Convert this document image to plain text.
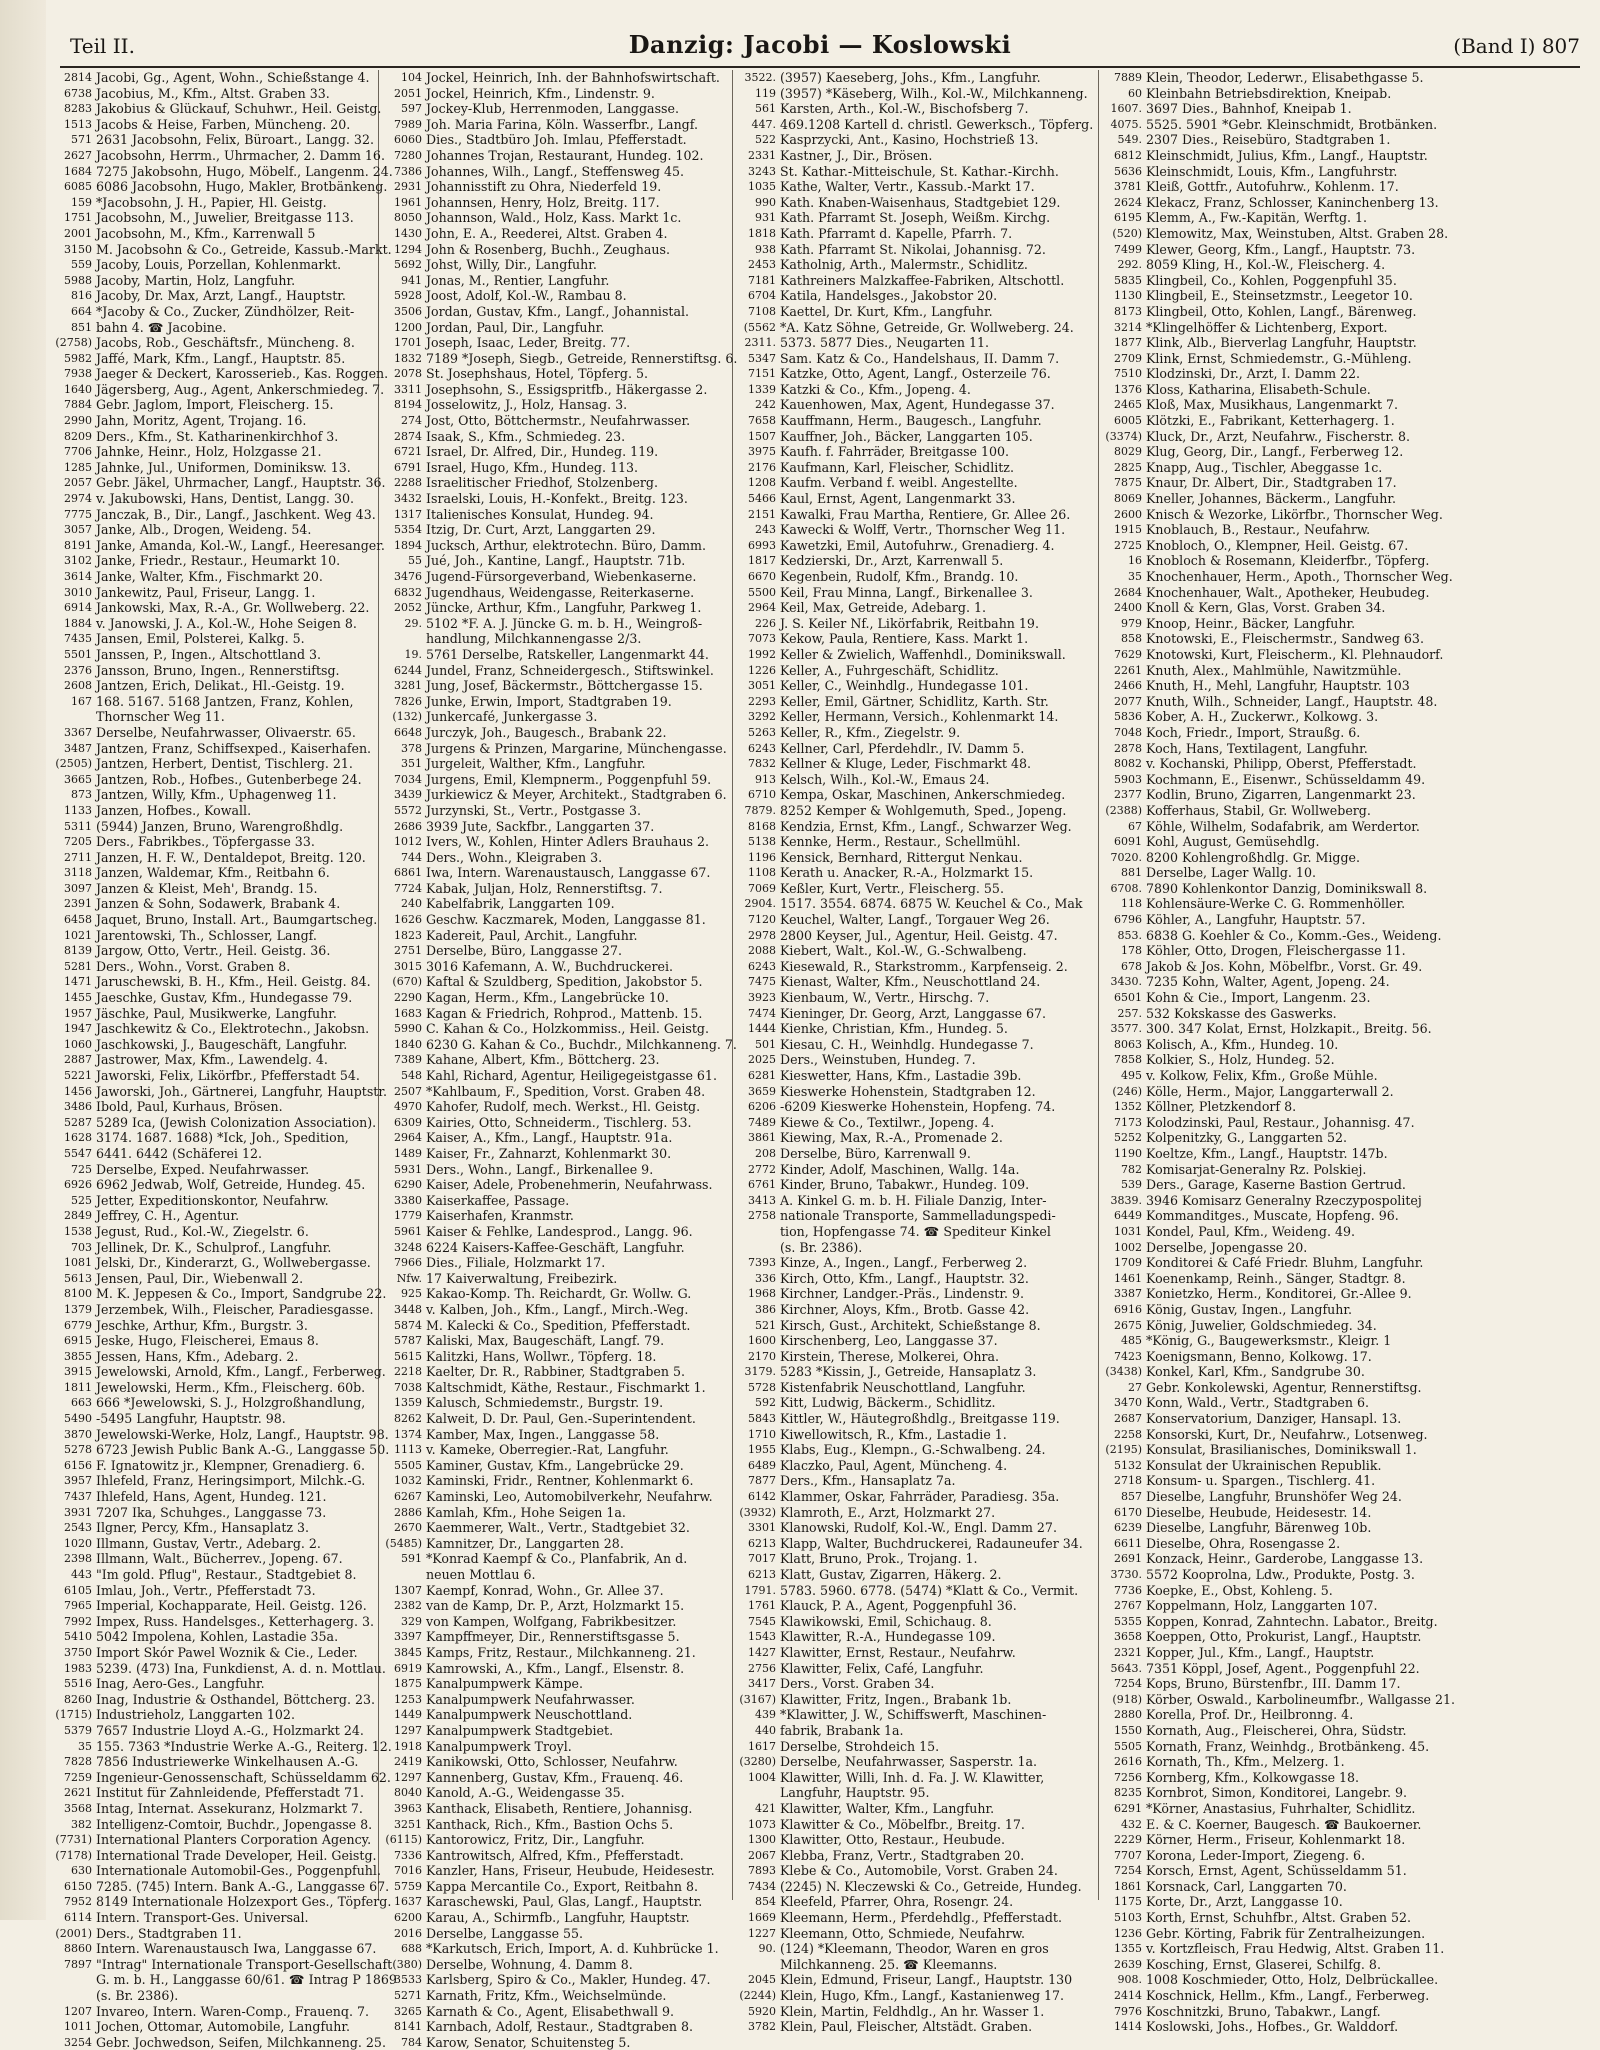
Teil II.	Danzig: Jacobi — Koslowski	(Band I) 807
2814 Jacobi, Gg., Agent, Wohn., Schießstange 4.
6738 Jacobius, M., Kfm., Altst. Graben 33.
8283 Jakobius & Glückauf, Schuhwr., Heil. Geistg.
1513 Jacobs & Heise, Farben, Müncheng. 20.
571 2631 Jacobsohn, Felix, Büroart., Langg. 32.
2627 Jacobsohn, Herrm., Uhrmacher, 2. Damm 16.
1684 7275 Jakobsohn, Hugo, Möbelf., Langenm. 24.
6085 6086 Jacobsohn, Hugo, Makler, Brotbänkeng.
159 *Jacobsohn, J. H., Papier, Hl. Geistg.
1751 Jacobsohn, M., Juwelier, Breitgasse 113.
2001 Jacobsohn, M., Kfm., Karrenwall 5
3150 M. Jacobsohn & Co., Getreide, Kassub.-Markt.
559 Jacoby, Louis, Porzellan, Kohlenmarkt.
5988 Jacoby, Martin, Holz, Langfuhr.
816 Jacoby, Dr. Max, Arzt, Langf., Hauptstr.
664 *Jacoby & Co., Zucker, Zündhölzer, Reit-
851 bahn 4. ☎ Jacobine.
(2758) Jacobs, Rob., Geschäftsfr., Müncheng. 8.
5982 Jaffé, Mark, Kfm., Langf., Hauptstr. 85.
7938 Jaeger & Deckert, Karosserieb., Kas. Roggen.
1640 Jägersberg, Aug., Agent, Ankerschmiedeg. 7.
7884 Gebr. Jaglom, Import, Fleischerg. 15.
2990 Jahn, Moritz, Agent, Trojang. 16.
8209 Ders., Kfm., St. Katharinenkirchhof 3.
7706 Jahnke, Heinr., Holz, Holzgasse 21.
1285 Jahnke, Jul., Uniformen, Dominiksw. 13.
2057 Gebr. Jäkel, Uhrmacher, Langf., Hauptstr. 36.
2974 v. Jakubowski, Hans, Dentist, Langg. 30.
7775 Janczak, B., Dir., Langf., Jaschkent. Weg 43.
3057 Janke, Alb., Drogen, Weideng. 54.
8191 Janke, Amanda, Kol.-W., Langf., Heeresanger.
3102 Janke, Friedr., Restaur., Heumarkt 10.
3614 Janke, Walter, Kfm., Fischmarkt 20.
3010 Jankewitz, Paul, Friseur, Langg. 1.
6914 Jankowski, Max, R.-A., Gr. Wollweberg. 22.
1884 v. Janowski, J. A., Kol.-W., Hohe Seigen 8.
7435 Jansen, Emil, Polsterei, Kalkg. 5.
5501 Janssen, P., Ingen., Altschottland 3.
2376 Jansson, Bruno, Ingen., Rennerstiftsg.
2608 Jantzen, Erich, Delikat., Hl.-Geistg. 19.
167 168. 5167. 5168 Jantzen, Franz, Kohlen,
Thornscher Weg 11.
3367 Derselbe, Neufahrwasser, Olivaerstr. 65.
3487 Jantzen, Franz, Schiffsexped., Kaiserhafen.
(2505) Jantzen, Herbert, Dentist, Tischlerg. 21.
3665 Jantzen, Rob., Hofbes., Gutenberbege 24.
873 Jantzen, Willy, Kfm., Uphagenweg 11.
1133 Janzen, Hofbes., Kowall.
5311 (5944) Janzen, Bruno, Warengroßhdlg.
7205 Ders., Fabrikbes., Töpfergasse 33.
2711 Janzen, H. F. W., Dentaldepot, Breitg. 120.
3118 Janzen, Waldemar, Kfm., Reitbahn 6.
3097 Janzen & Kleist, Meh', Brandg. 15.
2391 Janzen & Sohn, Sodawerk, Brabank 4.
6458 Jaquet, Bruno, Install. Art., Baumgartscheg.
1021 Jarentowski, Th., Schlosser, Langf.
8139 Jargow, Otto, Vertr., Heil. Geistg. 36.
5281 Ders., Wohn., Vorst. Graben 8.
1471 Jaruschewski, B. H., Kfm., Heil. Geistg. 84.
1455 Jaeschke, Gustav, Kfm., Hundegasse 79.
1957 Jäschke, Paul, Musikwerke, Langfuhr.
1947 Jaschkewitz & Co., Elektrotechn., Jakobsn.
1060 Jaschkowski, J., Baugeschäft, Langfuhr.
2887 Jastrower, Max, Kfm., Lawendelg. 4.
5221 Jaworski, Felix, Likörfbr., Pfefferstadt 54.
1456 Jaworski, Joh., Gärtnerei, Langfuhr, Hauptstr.
3486 Ibold, Paul, Kurhaus, Brösen.
5287 5289 Ica, (Jewish Colonization Association).
1628 3174. 1687. 1688) *Ick, Joh., Spedition,
5547 6441. 6442 (Schäferei 12.
725 Derselbe, Exped. Neufahrwasser.
6926 6962 Jedwab, Wolf, Getreide, Hundeg. 45.
525 Jetter, Expeditionskontor, Neufahrw.
2849 Jeffrey, C. H., Agentur.
1538 Jegust, Rud., Kol.-W., Ziegelstr. 6.
703 Jellinek, Dr. K., Schulprof., Langfuhr.
1081 Jelski, Dr., Kinderarzt, G., Wollwebergasse.
5613 Jensen, Paul, Dir., Wiebenwall 2.
8100 M. K. Jeppesen & Co., Import, Sandgrube 22.
1379 Jerzembek, Wilh., Fleischer, Paradiesgasse.
6779 Jeschke, Arthur, Kfm., Burgstr. 3.
6915 Jeske, Hugo, Fleischerei, Emaus 8.
3855 Jessen, Hans, Kfm., Adebarg. 2.
3915 Jewelowski, Arnold, Kfm., Langf., Ferberweg.
1811 Jewelowski, Herm., Kfm., Fleischerg. 60b.
663 666 *Jewelowski, S. J., Holzgroßhandlung,
5490 -5495 Langfuhr, Hauptstr. 98.
3870 Jewelowski-Werke, Holz, Langf., Hauptstr. 98.
5278 6723 Jewish Public Bank A.-G., Langgasse 50.
6156 F. Ignatowitz jr., Klempner, Grenadierg. 6.
3957 Ihlefeld, Franz, Heringsimport, Milchk.-G.
7437 Ihlefeld, Hans, Agent, Hundeg. 121.
3931 7207 Ika, Schuhges., Langgasse 73.
2543 Ilgner, Percy, Kfm., Hansaplatz 3.
1020 Illmann, Gustav, Vertr., Adebarg. 2.
2398 Illmann, Walt., Bücherrev., Jopeng. 67.
443 "Im gold. Pflug", Restaur., Stadtgebiet 8.
6105 Imlau, Joh., Vertr., Pfefferstadt 73.
7965 Imperial, Kochapparate, Heil. Geistg. 126.
7992 Impex, Russ. Handelsges., Ketterhagerg. 3.
5410 5042 Impolena, Kohlen, Lastadie 35a.
3750 Import Skór Pawel Woznik & Cie., Leder.
1983 5239. (473) Ina, Funkdienst, A. d. n. Mottlau.
5516 Inag, Aero-Ges., Langfuhr.
8260 Inag, Industrie & Osthandel, Böttcherg. 23.
(1715) Industrieholz, Langgarten 102.
5379 7657 Industrie Lloyd A.-G., Holzmarkt 24.
35 155. 7363 *Industrie Werke A.-G., Reiterg. 12.
7828 7856 Industriewerke Winkelhausen A.-G.
7259 Ingenieur-Genossenschaft, Schüsseldamm 62.
2621 Institut für Zahnleidende, Pfefferstadt 71.
3568 Intag, Internat. Assekuranz, Holzmarkt 7.
382 Intelligenz-Comtoir, Buchdr., Jopengasse 8.
(7731) International Planters Corporation Agency.
(7178) International Trade Developer, Heil. Geistg.
630 Internationale Automobil-Ges., Poggenpfuhl.
6150 7285. (745) Intern. Bank A.-G., Langgasse 67.
7952 8149 Internationale Holzexport Ges., Töpferg.
6114 Intern. Transport-Ges. Universal.
(2001) Ders., Stadtgraben 11.
8860 Intern. Warenaustausch Iwa, Langgasse 67.
7897 "Intrag" Internationale Transport-Gesellschaft
G. m. b. H., Langgasse 60/61. ☎ Intrag P 1869
(s. Br. 2386).
1207 Invareo, Intern. Waren-Comp., Frauenq. 7.
1011 Jochen, Ottomar, Automobile, Langfuhr.
3254 Gebr. Jochwedson, Seifen, Milchkanneng. 25.
104 Jockel, Heinrich, Inh. der Bahnhofswirtschaft.
2051 Jockel, Heinrich, Kfm., Lindenstr. 9.
597 Jockey-Klub, Herrenmoden, Langgasse.
7989 Joh. Maria Farina, Köln. Wasserfbr., Langf.
6060 Dies., Stadtbüro Joh. Imlau, Pfefferstadt.
7280 Johannes Trojan, Restaurant, Hundeg. 102.
7386 Johannes, Wilh., Langf., Steffensweg 45.
2931 Johannisstift zu Ohra, Niederfeld 19.
1961 Johannsen, Henry, Holz, Breitg. 117.
8050 Johannson, Wald., Holz, Kass. Markt 1c.
1430 John, E. A., Reederei, Altst. Graben 4.
1294 John & Rosenberg, Buchh., Zeughaus.
5692 Johst, Willy, Dir., Langfuhr.
941 Jonas, M., Rentier, Langfuhr.
5928 Joost, Adolf, Kol.-W., Rambau 8.
3506 Jordan, Gustav, Kfm., Langf., Johannistal.
1200 Jordan, Paul, Dir., Langfuhr.
1701 Joseph, Isaac, Leder, Breitg. 77.
1832 7189 *Joseph, Siegb., Getreide, Rennerstiftsg. 6.
2078 St. Josephshaus, Hotel, Töpferg. 5.
3311 Josephsohn, S., Essigspritfb., Häkergasse 2.
8194 Josselowitz, J., Holz, Hansag. 3.
274 Jost, Otto, Böttchermstr., Neufahrwasser.
2874 Isaak, S., Kfm., Schmiedeg. 23.
6721 Israel, Dr. Alfred, Dir., Hundeg. 119.
6791 Israel, Hugo, Kfm., Hundeg. 113.
2288 Israelitischer Friedhof, Stolzenberg.
3432 Israelski, Louis, H.-Konfekt., Breitg. 123.
1317 Italienisches Konsulat, Hundeg. 94.
5354 Itzig, Dr. Curt, Arzt, Langgarten 29.
1894 Jucksch, Arthur, elektrotechn. Büro, Damm.
55 Jué, Joh., Kantine, Langf., Hauptstr. 71b.
3476 Jugend-Fürsorgeverband, Wiebenkaserne.
6832 Jugendhaus, Weidengasse, Reiterkaserne.
2052 Jüncke, Arthur, Kfm., Langfuhr, Parkweg 1.
29. 5102 *F. A. J. Jüncke G. m. b. H., Weingroß-
handlung, Milchkannengasse 2/3.
19. 5761 Derselbe, Ratskeller, Langenmarkt 44.
6244 Jundel, Franz, Schneidergesch., Stiftswinkel.
3281 Jung, Josef, Bäckermstr., Böttchergasse 15.
7826 Junke, Erwin, Import, Stadtgraben 19.
(132) Junkercafé, Junkergasse 3.
6648 Jurczyk, Joh., Baugesch., Brabank 22.
378 Jurgens & Prinzen, Margarine, Münchengasse.
351 Jurgeleit, Walther, Kfm., Langfuhr.
7034 Jurgens, Emil, Klempnerm., Poggenpfuhl 59.
3439 Jurkiewicz & Meyer, Architekt., Stadtgraben 6.
5572 Jurzynski, St., Vertr., Postgasse 3.
2686 3939 Jute, Sackfbr., Langgarten 37.
1012 Ivers, W., Kohlen, Hinter Adlers Brauhaus 2.
744 Ders., Wohn., Kleigraben 3.
6861 Iwa, Intern. Warenaustausch, Langgasse 67.
7724 Kabak, Juljan, Holz, Rennerstiftsg. 7.
240 Kabelfabrik, Langgarten 109.
1626 Geschw. Kaczmarek, Moden, Langgasse 81.
1823 Kadereit, Paul, Archit., Langfuhr.
2751 Derselbe, Büro, Langgasse 27.
3015 3016 Kafemann, A. W., Buchdruckerei.
(670) Kaftal & Szuldberg, Spedition, Jakobstor 5.
2290 Kagan, Herm., Kfm., Langebrücke 10.
1683 Kagan & Friedrich, Rohprod., Mattenb. 15.
5990 C. Kahan & Co., Holzkommiss., Heil. Geistg.
1840 6230 G. Kahan & Co., Buchdr., Milchkanneng. 7.
7389 Kahane, Albert, Kfm., Böttcherg. 23.
548 Kahl, Richard, Agentur, Heiligegeistgasse 61.
2507 *Kahlbaum, F., Spedition, Vorst. Graben 48.
4970 Kahofer, Rudolf, mech. Werkst., Hl. Geistg.
6309 Kairies, Otto, Schneiderm., Tischlerg. 53.
2964 Kaiser, A., Kfm., Langf., Hauptstr. 91a.
1489 Kaiser, Fr., Zahnarzt, Kohlenmarkt 30.
5931 Ders., Wohn., Langf., Birkenallee 9.
6290 Kaiser, Adele, Probenehmerin, Neufahrwass.
3380 Kaiserkaffee, Passage.
1779 Kaiserhafen, Kranmstr.
5961 Kaiser & Fehlke, Landesprod., Langg. 96.
3248 6224 Kaisers-Kaffee-Geschäft, Langfuhr.
7966 Dies., Filiale, Holzmarkt 17.
Nfw. 17 Kaiverwaltung, Freibezirk.
925 Kakao-Komp. Th. Reichardt, Gr. Wollw. G.
3448 v. Kalben, Joh., Kfm., Langf., Mirch.-Weg.
5874 M. Kalecki & Co., Spedition, Pfefferstadt.
5787 Kaliski, Max, Baugeschäft, Langf. 79.
5615 Kalitzki, Hans, Wollwr., Töpferg. 18.
2218 Kaelter, Dr. R., Rabbiner, Stadtgraben 5.
7038 Kaltschmidt, Käthe, Restaur., Fischmarkt 1.
1359 Kalusch, Schmiedemstr., Burgstr. 19.
8262 Kalweit, D. Dr. Paul, Gen.-Superintendent.
1374 Kamber, Max, Ingen., Langgasse 58.
1113 v. Kameke, Oberregier.-Rat, Langfuhr.
5505 Kaminer, Gustav, Kfm., Langebrücke 29.
1032 Kaminski, Fridr., Rentner, Kohlenmarkt 6.
6267 Kaminski, Leo, Automobilverkehr, Neufahrw.
2886 Kamlah, Kfm., Hohe Seigen 1a.
2670 Kaemmerer, Walt., Vertr., Stadtgebiet 32.
(5485) Kamnitzer, Dr., Langgarten 28.
591 *Konrad Kaempf & Co., Planfabrik, An d.
neuen Mottlau 6.
1307 Kaempf, Konrad, Wohn., Gr. Allee 37.
2382 van de Kamp, Dr. P., Arzt, Holzmarkt 15.
329 von Kampen, Wolfgang, Fabrikbesitzer.
3397 Kampffmeyer, Dir., Rennerstiftsgasse 5.
3845 Kamps, Fritz, Restaur., Milchkanneng. 21.
6919 Kamrowski, A., Kfm., Langf., Elsenstr. 8.
1875 Kanalpumpwerk Kämpe.
1253 Kanalpumpwerk Neufahrwasser.
1449 Kanalpumpwerk Neuschottland.
1297 Kanalpumpwerk Stadtgebiet.
1918 Kanalpumpwerk Troyl.
2419 Kanikowski, Otto, Schlosser, Neufahrw.
1297 Kannenberg, Gustav, Kfm., Frauenq. 46.
8040 Kanold, A.-G., Weidengasse 35.
3963 Kanthack, Elisabeth, Rentiere, Johannisg.
3251 Kanthack, Rich., Kfm., Bastion Ochs 5.
(6115) Kantorowicz, Fritz, Dir., Langfuhr.
7336 Kantrowitsch, Alfred, Kfm., Pfefferstadt.
7016 Kanzler, Hans, Friseur, Heubude, Heidesestr.
5759 Kappa Mercantile Co., Export, Reitbahn 8.
1637 Karaschewski, Paul, Glas, Langf., Hauptstr.
6200 Karau, A., Schirmfb., Langfuhr, Hauptstr.
2016 Derselbe, Langgasse 55.
688 *Karkutsch, Erich, Import, A. d. Kuhbrücke 1.
(380) Derselbe, Wohnung, 4. Damm 8.
3533 Karlsberg, Spiro & Co., Makler, Hundeg. 47.
5271 Karnath, Fritz, Kfm., Weichselmünde.
3265 Karnath & Co., Agent, Elisabethwall 9.
8141 Karnbach, Adolf, Restaur., Stadtgraben 8.
784 Karow, Senator, Schuitensteg 5.
3522. (3957) Kaeseberg, Johs., Kfm., Langfuhr.
119 (3957) *Käseberg, Wilh., Kol.-W., Milchkanneng.
561 Karsten, Arth., Kol.-W., Bischofsberg 7.
447. 469.1208 Kartell d. christl. Gewerksch., Töpferg.
522 Kasprzycki, Ant., Kasino, Hochstrieß 13.
2331 Kastner, J., Dir., Brösen.
3243 St. Kathar.-Mitteischule, St. Kathar.-Kirchh.
1035 Kathe, Walter, Vertr., Kassub.-Markt 17.
990 Kath. Knaben-Waisenhaus, Stadtgebiet 129.
931 Kath. Pfarramt St. Joseph, Weißm. Kirchg.
1818 Kath. Pfarramt d. Kapelle, Pfarrh. 7.
938 Kath. Pfarramt St. Nikolai, Johannisg. 72.
2453 Katholnig, Arth., Malermstr., Schidlitz.
7181 Kathreiners Malzkaffee-Fabriken, Altschottl.
6704 Katila, Handelsges., Jakobstor 20.
7108 Kaettel, Dr. Kurt, Kfm., Langfuhr.
(5562 *A. Katz Söhne, Getreide, Gr. Wollweberg. 24.
2311. 5373. 5877 Dies., Neugarten 11.
5347 Sam. Katz & Co., Handelshaus, II. Damm 7.
7151 Katzke, Otto, Agent, Langf., Osterzeile 76.
1339 Katzki & Co., Kfm., Jopeng. 4.
242 Kauenhowen, Max, Agent, Hundegasse 37.
7658 Kauffmann, Herm., Baugesch., Langfuhr.
1507 Kauffner, Joh., Bäcker, Langgarten 105.
3975 Kaufh. f. Fahrräder, Breitgasse 100.
2176 Kaufmann, Karl, Fleischer, Schidlitz.
1208 Kaufm. Verband f. weibl. Angestellte.
5466 Kaul, Ernst, Agent, Langenmarkt 33.
2151 Kawalki, Frau Martha, Rentiere, Gr. Allee 26.
243 Kawecki & Wolff, Vertr., Thornscher Weg 11.
6993 Kawetzki, Emil, Autofuhrw., Grenadierg. 4.
1817 Kedzierski, Dr., Arzt, Karrenwall 5.
6670 Kegenbein, Rudolf, Kfm., Brandg. 10.
5500 Keil, Frau Minna, Langf., Birkenallee 3.
2964 Keil, Max, Getreide, Adebarg. 1.
226 J. S. Keiler Nf., Likörfabrik, Reitbahn 19.
7073 Kekow, Paula, Rentiere, Kass. Markt 1.
1992 Keller & Zwielich, Waffenhdl., Dominikswall.
1226 Keller, A., Fuhrgeschäft, Schidlitz.
3051 Keller, C., Weinhdlg., Hundegasse 101.
2293 Keller, Emil, Gärtner, Schidlitz, Karth. Str.
3292 Keller, Hermann, Versich., Kohlenmarkt 14.
5263 Keller, R., Kfm., Ziegelstr. 9.
6243 Kellner, Carl, Pferdehdlr., IV. Damm 5.
7832 Kellner & Kluge, Leder, Fischmarkt 48.
913 Kelsch, Wilh., Kol.-W., Emaus 24.
6710 Kempa, Oskar, Maschinen, Ankerschmiedeg.
7879. 8252 Kemper & Wohlgemuth, Sped., Jopeng.
8168 Kendzia, Ernst, Kfm., Langf., Schwarzer Weg.
5138 Kennke, Herm., Restaur., Schellmühl.
1196 Kensick, Bernhard, Rittergut Nenkau.
1108 Kerath u. Anacker, R.-A., Holzmarkt 15.
7069 Keßler, Kurt, Vertr., Fleischerg. 55.
2904. 1517. 3554. 6874. 6875 W. Keuchel & Co., Mak
7120 Keuchel, Walter, Langf., Torgauer Weg 26.
2978 2800 Keyser, Jul., Agentur, Heil. Geistg. 47.
2088 Kiebert, Walt., Kol.-W., G.-Schwalbeng.
6243 Kiesewald, R., Starkstromm., Karpfenseig. 2.
7475 Kienast, Walter, Kfm., Neuschottland 24.
3923 Kienbaum, W., Vertr., Hirschg. 7.
7474 Kieninger, Dr. Georg, Arzt, Langgasse 67.
1444 Kienke, Christian, Kfm., Hundeg. 5.
501 Kiesau, C. H., Weinhdlg. Hundegasse 7.
2025 Ders., Weinstuben, Hundeg. 7.
6281 Kieswetter, Hans, Kfm., Lastadie 39b.
3659 Kieswerke Hohenstein, Stadtgraben 12.
6206 -6209 Kieswerke Hohenstein, Hopfeng. 74.
7489 Kiewe & Co., Textilwr., Jopeng. 4.
3861 Kiewing, Max, R.-A., Promenade 2.
208 Derselbe, Büro, Karrenwall 9.
2772 Kinder, Adolf, Maschinen, Wallg. 14a.
6761 Kinder, Bruno, Tabakwr., Hundeg. 109.
3413 A. Kinkel G. m. b. H. Filiale Danzig, Inter-
2758 nationale Transporte, Sammelladungspedi-
tion, Hopfengasse 74. ☎ Spediteur Kinkel
(s. Br. 2386).
7393 Kinze, A., Ingen., Langf., Ferberweg 2.
336 Kirch, Otto, Kfm., Langf., Hauptstr. 32.
1968 Kirchner, Landger.-Präs., Lindenstr. 9.
386 Kirchner, Aloys, Kfm., Brotb. Gasse 42.
521 Kirsch, Gust., Architekt, Schießstange 8.
1600 Kirschenberg, Leo, Langgasse 37.
2170 Kirstein, Therese, Molkerei, Ohra.
3179. 5283 *Kissin, J., Getreide, Hansaplatz 3.
5728 Kistenfabrik Neuschottland, Langfuhr.
592 Kitt, Ludwig, Bäckerm., Schidlitz.
5843 Kittler, W., Häutegroßhdlg., Breitgasse 119.
1710 Kiwellowitsch, R., Kfm., Lastadie 1.
1955 Klabs, Eug., Klempn., G.-Schwalbeng. 24.
6489 Klaczko, Paul, Agent, Müncheng. 4.
7877 Ders., Kfm., Hansaplatz 7a.
6142 Klammer, Oskar, Fahrräder, Paradiesg. 35a.
(3932) Klamroth, E., Arzt, Holzmarkt 27.
3301 Klanowski, Rudolf, Kol.-W., Engl. Damm 27.
6213 Klapp, Walter, Buchdruckerei, Radauneufer 34.
7017 Klatt, Bruno, Prok., Trojang. 1.
6213 Klatt, Gustav, Zigarren, Häkerg. 2.
1791. 5783. 5960. 6778. (5474) *Klatt & Co., Vermit.
1761 Klauck, P. A., Agent, Poggenpfuhl 36.
7545 Klawikowski, Emil, Schichaug. 8.
1543 Klawitter, R.-A., Hundegasse 109.
1427 Klawitter, Ernst, Restaur., Neufahrw.
2756 Klawitter, Felix, Café, Langfuhr.
3417 Ders., Vorst. Graben 34.
(3167) Klawitter, Fritz, Ingen., Brabank 1b.
439 *Klawitter, J. W., Schiffswerft, Maschinen-
440 fabrik, Brabank 1a.
1617 Derselbe, Strohdeich 15.
(3280) Derselbe, Neufahrwasser, Sasperstr. 1a.
1004 Klawitter, Willi, Inh. d. Fa. J. W. Klawitter,
Langfuhr, Hauptstr. 95.
421 Klawitter, Walter, Kfm., Langfuhr.
1073 Klawitter & Co., Möbelfbr., Breitg. 17.
1300 Klawitter, Otto, Restaur., Heubude.
2067 Klebba, Franz, Vertr., Stadtgraben 20.
7893 Klebe & Co., Automobile, Vorst. Graben 24.
7434 (2245) N. Kleczewski & Co., Getreide, Hundeg.
854 Kleefeld, Pfarrer, Ohra, Rosengr. 24.
1669 Kleemann, Herm., Pferdehdlg., Pfefferstadt.
1227 Kleemann, Otto, Schmiede, Neufahrw.
90. (124) *Kleemann, Theodor, Waren en gros
Milchkanneng. 25. ☎ Kleemanns.
2045 Klein, Edmund, Friseur, Langf., Hauptstr. 130
(2244) Klein, Hugo, Kfm., Langf., Kastanienweg 17.
5920 Klein, Martin, Feldhdlg., An hr. Wasser 1.
3782 Klein, Paul, Fleischer, Altstädt. Graben.
7889 Klein, Theodor, Lederwr., Elisabethgasse 5.
60 Kleinbahn Betriebsdirektion, Kneipab.
1607. 3697 Dies., Bahnhof, Kneipab 1.
4075. 5525. 5901 *Gebr. Kleinschmidt, Brotbänken.
549. 2307 Dies., Reisebüro, Stadtgraben 1.
6812 Kleinschmidt, Julius, Kfm., Langf., Hauptstr.
5636 Kleinschmidt, Louis, Kfm., Langfuhrstr.
3781 Kleiß, Gottfr., Autofuhrw., Kohlenm. 17.
2624 Klekacz, Franz, Schlosser, Kaninchenberg 13.
6195 Klemm, A., Fw.-Kapitän, Werftg. 1.
(520) Klemowitz, Max, Weinstuben, Altst. Graben 28.
7499 Klewer, Georg, Kfm., Langf., Hauptstr. 73.
292. 8059 Kling, H., Kol.-W., Fleischerg. 4.
5835 Klingbeil, Co., Kohlen, Poggenpfuhl 35.
1130 Klingbeil, E., Steinsetzmstr., Leegetor 10.
8173 Klingbeil, Otto, Kohlen, Langf., Bärenweg.
3214 *Klingelhöffer & Lichtenberg, Export.
1877 Klink, Alb., Bierverlag Langfuhr, Hauptstr.
2709 Klink, Ernst, Schmiedemstr., G.-Mühleng.
7510 Klodzinski, Dr., Arzt, I. Damm 22.
1376 Kloss, Katharina, Elisabeth-Schule.
2465 Kloß, Max, Musikhaus, Langenmarkt 7.
6005 Klötzki, E., Fabrikant, Ketterhagerg. 1.
(3374) Kluck, Dr., Arzt, Neufahrw., Fischerstr. 8.
8029 Klug, Georg, Dir., Langf., Ferberweg 12.
2825 Knapp, Aug., Tischler, Abeggasse 1c.
7875 Knaur, Dr. Albert, Dir., Stadtgraben 17.
8069 Kneller, Johannes, Bäckerm., Langfuhr.
2600 Knisch & Wezorke, Likörfbr., Thornscher Weg.
1915 Knoblauch, B., Restaur., Neufahrw.
2725 Knobloch, O., Klempner, Heil. Geistg. 67.
16 Knobloch & Rosemann, Kleiderfbr., Töpferg.
35 Knochenhauer, Herm., Apoth., Thornscher Weg.
2684 Knochenhauer, Walt., Apotheker, Heubudeg.
2400 Knoll & Kern, Glas, Vorst. Graben 34.
979 Knoop, Heinr., Bäcker, Langfuhr.
858 Knotowski, E., Fleischermstr., Sandweg 63.
7629 Knotowski, Kurt, Fleischerm., Kl. Plehnaudorf.
2261 Knuth, Alex., Mahlmühle, Nawitzmühle.
2466 Knuth, H., Mehl, Langfuhr, Hauptstr. 103
2077 Knuth, Wilh., Schneider, Langf., Hauptstr. 48.
5836 Kober, A. H., Zuckerwr., Kolkowg. 3.
7048 Koch, Friedr., Import, Straußg. 6.
2878 Koch, Hans, Textilagent, Langfuhr.
8082 v. Kochanski, Philipp, Oberst, Pfefferstadt.
5903 Kochmann, E., Eisenwr., Schüsseldamm 49.
2377 Kodlin, Bruno, Zigarren, Langenmarkt 23.
(2388) Kofferhaus, Stabil, Gr. Wollweberg.
67 Köhle, Wilhelm, Sodafabrik, am Werdertor.
6091 Kohl, August, Gemüsehdlg.
7020. 8200 Kohlengroßhdlg. Gr. Migge.
881 Derselbe, Lager Wallg. 10.
6708. 7890 Kohlenkontor Danzig, Dominikswall 8.
118 Kohlensäure-Werke C. G. Rommenhöller.
6796 Köhler, A., Langfuhr, Hauptstr. 57.
853. 6838 G. Koehler & Co., Komm.-Ges., Weideng.
178 Köhler, Otto, Drogen, Fleischergasse 11.
678 Jakob & Jos. Kohn, Möbelfbr., Vorst. Gr. 49.
3430. 7235 Kohn, Walter, Agent, Jopeng. 24.
6501 Kohn & Cie., Import, Langenm. 23.
257. 532 Kokskasse des Gaswerks.
3577. 300. 347 Kolat, Ernst, Holzkapit., Breitg. 56.
8063 Kolisch, A., Kfm., Hundeg. 10.
7858 Kolkier, S., Holz, Hundeg. 52.
495 v. Kolkow, Felix, Kfm., Große Mühle.
(246) Kölle, Herm., Major, Langgarterwall 2.
1352 Köllner, Pletzkendorf 8.
7173 Kolodzinski, Paul, Restaur., Johannisg. 47.
5252 Kolpenitzky, G., Langgarten 52.
1190 Koeltze, Kfm., Langf., Hauptstr. 147b.
782 Komisarjat-Generalny Rz. Polskiej.
539 Ders., Garage, Kaserne Bastion Gertrud.
3839. 3946 Komisarz Generalny Rzeczypospolitej
6449 Kommanditges., Muscate, Hopfeng. 96.
1031 Kondel, Paul, Kfm., Weideng. 49.
1002 Derselbe, Jopengasse 20.
1709 Konditorei & Café Friedr. Bluhm, Langfuhr.
1461 Koenenkamp, Reinh., Sänger, Stadtgr. 8.
3387 Konietzko, Herm., Konditorei, Gr.-Allee 9.
6916 König, Gustav, Ingen., Langfuhr.
2675 König, Juwelier, Goldschmiedeg. 34.
485 *König, G., Baugewerksmstr., Kleigr. 1
7423 Koenigsmann, Benno, Kolkowg. 17.
(3438) Konkel, Karl, Kfm., Sandgrube 30.
27 Gebr. Konkolewski, Agentur, Rennerstiftsg.
3470 Konn, Wald., Vertr., Stadtgraben 6.
2687 Konservatorium, Danziger, Hansapl. 13.
2258 Konsorski, Kurt, Dr., Neufahrw., Lotsenweg.
(2195) Konsulat, Brasilianisches, Dominikswall 1.
5132 Konsulat der Ukrainischen Republik.
2718 Konsum- u. Spargen., Tischlerg. 41.
857 Dieselbe, Langfuhr, Brunshöfer Weg 24.
6170 Dieselbe, Heubude, Heidesestr. 14.
6239 Dieselbe, Langfuhr, Bärenweg 10b.
6611 Dieselbe, Ohra, Rosengasse 2.
2691 Konzack, Heinr., Garderobe, Langgasse 13.
3730. 5572 Kooprolna, Ldw., Produkte, Postg. 3.
7736 Koepke, E., Obst, Kohleng. 5.
2767 Koppelmann, Holz, Langgarten 107.
5355 Koppen, Konrad, Zahntechn. Labator., Breitg.
3658 Koeppen, Otto, Prokurist, Langf., Hauptstr.
2321 Kopper, Jul., Kfm., Langf., Hauptstr.
5643. 7351 Köppl, Josef, Agent., Poggenpfuhl 22.
7254 Kops, Bruno, Bürstenfbr., III. Damm 17.
(918) Körber, Oswald., Karbolineumfbr., Wallgasse 21.
2880 Korella, Prof. Dr., Heilbronng. 4.
1550 Kornath, Aug., Fleischerei, Ohra, Südstr.
5505 Kornath, Franz, Weinhdg., Brotbänkeng. 45.
2616 Kornath, Th., Kfm., Melzerg. 1.
7256 Kornberg, Kfm., Kolkowgasse 18.
8235 Kornbrot, Simon, Konditorei, Langebr. 9.
6291 *Körner, Anastasius, Fuhrhalter, Schidlitz.
432 E. & C. Koerner, Baugesch. ☎ Baukoerner.
2229 Körner, Herm., Friseur, Kohlenmarkt 18.
7707 Korona, Leder-Import, Ziegeng. 6.
7254 Korsch, Ernst, Agent, Schüsseldamm 51.
1861 Korsnack, Carl, Langgarten 70.
1175 Korte, Dr., Arzt, Langgasse 10.
5103 Korth, Ernst, Schuhfbr., Altst. Graben 52.
1236 Gebr. Körting, Fabrik für Zentralheizungen.
1355 v. Kortzfleisch, Frau Hedwig, Altst. Graben 11.
2639 Kosching, Ernst, Glaserei, Schilfg. 8.
908. 1008 Koschmieder, Otto, Holz, Delbrückallee.
2414 Koschnick, Hellm., Kfm., Langf., Ferberweg.
7976 Koschnitzki, Bruno, Tabakwr., Langf.
1414 Koslowski, Johs., Hofbes., Gr. Walddorf.
